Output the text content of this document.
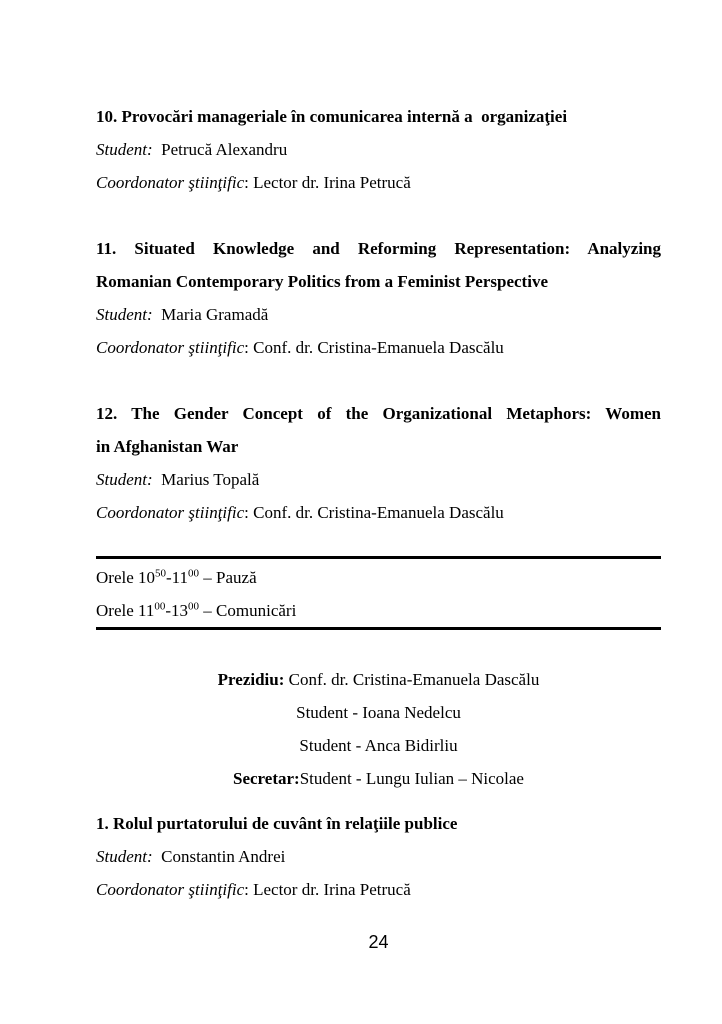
10. Provocări manageriale în comunicarea internă a  organizaţiei

Student:  Petrucă Alexandru

Coordonator ştiinţific: Lector dr. Irina Petrucă

11. Situated Knowledge and Reforming Representation: Analyzing

Romanian Contemporary Politics from a Feminist Perspective

Student:  Maria Gramadă

Coordonator ştiinţific: Conf. dr. Cristina-Emanuela Dascălu

12. The Gender Concept of the Organizational Metaphors: Women

in Afghanistan War

Student:  Marius Topală

Coordonator ştiinţific: Conf. dr. Cristina-Emanuela Dascălu

Orele $10^{50}-11^{00}$ – Pauză

Orele $11^{00}-13^{00}$ – Comunicări

Prezidiu: Conf. dr. Cristina-Emanuela Dascălu

Student - Ioana Nedelcu

Student - Anca Bidirliu

Secretar:Student - Lungu Iulian – Nicolae

1. Rolul purtatorului de cuvânt în relaţiile publice

Student:  Constantin Andrei

Coordonator ştiinţific: Lector dr. Irina Petrucă

24
